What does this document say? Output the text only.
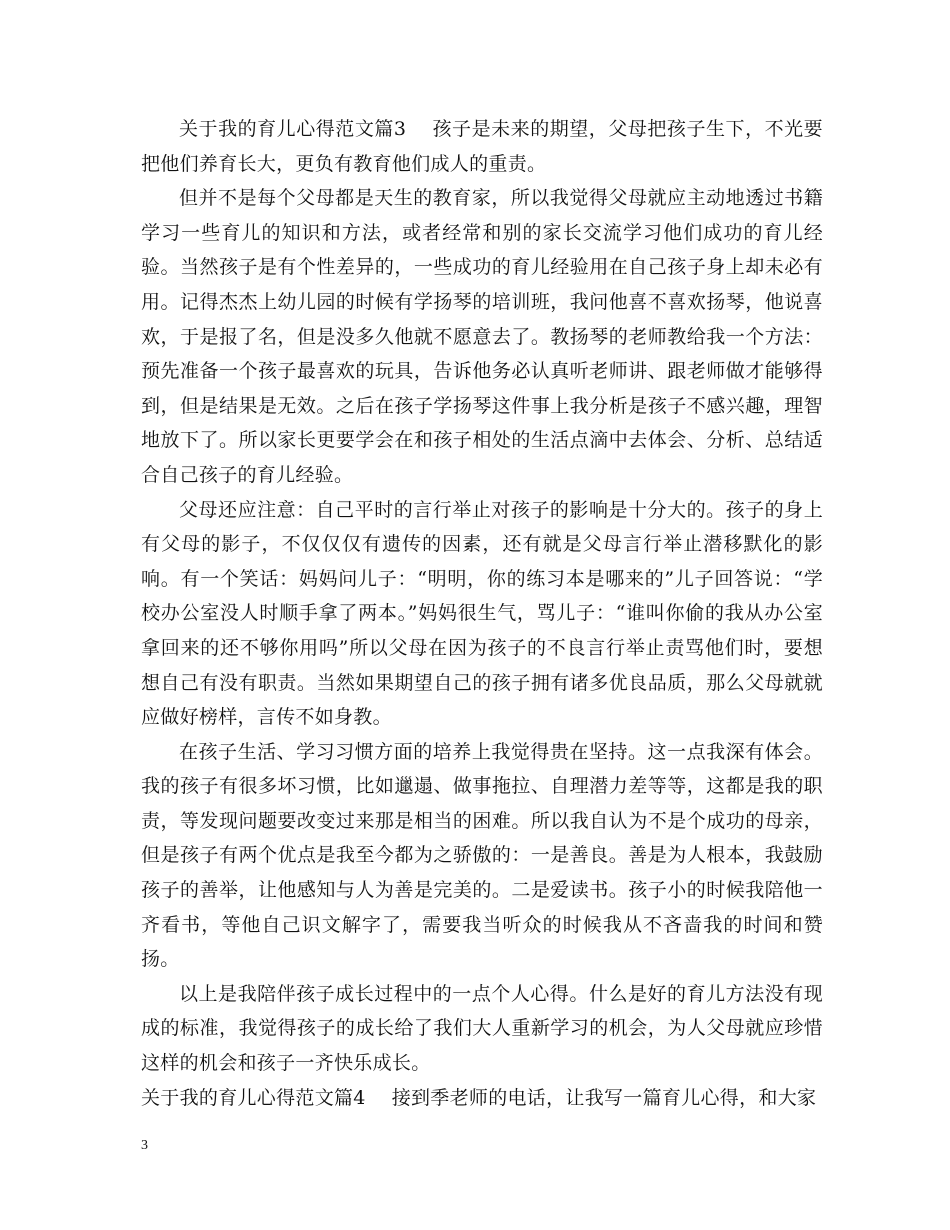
关于我的育儿心得范文篇3 孩子是未来的期望，父母把孩子生下，不光要把他们养育长大，更负有教育他们成人的重责。

但并不是每个父母都是天生的教育家，所以我觉得父母就应主动地透过书籍学习一些育儿的知识和方法，或者经常和别的家长交流学习他们成功的育儿经验。当然孩子是有个性差异的，一些成功的育儿经验用在自己孩子身上却未必有用。记得杰杰上幼儿园的时候有学扬琴的培训班，我问他喜不喜欢扬琴，他说喜欢，于是报了名，但是没多久他就不愿意去了。教扬琴的老师教给我一个方法：预先准备一个孩子最喜欢的玩具，告诉他务必认真听老师讲、跟老师做才能够得到，但是结果是无效。之后在孩子学扬琴这件事上我分析是孩子不感兴趣，理智地放下了。所以家长更要学会在和孩子相处的生活点滴中去体会、分析、总结适合自己孩子的育儿经验。

父母还应注意：自己平时的言行举止对孩子的影响是十分大的。孩子的身上有父母的影子，不仅仅仅有遗传的因素，还有就是父母言行举止潜移默化的影响。有一个笑话：妈妈问儿子：“明明，你的练习本是哪来的”儿子回答说：“学校办公室没人时顺手拿了两本。”妈妈很生气，骂儿子：“谁叫你偷的我从办公室拿回来的还不够你用吗”所以父母在因为孩子的不良言行举止责骂他们时，要想想自己有没有职责。当然如果期望自己的孩子拥有诸多优良品质，那么父母就就应做好榜样，言传不如身教。

在孩子生活、学习习惯方面的培养上我觉得贵在坚持。这一点我深有体会。我的孩子有很多坏习惯，比如邋遢、做事拖拉、自理潜力差等等，这都是我的职责，等发现问题要改变过来那是相当的困难。所以我自认为不是个成功的母亲，但是孩子有两个优点是我至今都为之骄傲的：一是善良。善是为人根本，我鼓励孩子的善举，让他感知与人为善是完美的。二是爱读书。孩子小的时候我陪他一齐看书，等他自己识文解字了，需要我当听众的时候我从不吝啬我的时间和赞扬。

以上是我陪伴孩子成长过程中的一点个人心得。什么是好的育儿方法没有现成的标准，我觉得孩子的成长给了我们大人重新学习的机会，为人父母就应珍惜这样的机会和孩子一齐快乐成长。

关于我的育儿心得范文篇4 接到季老师的电话，让我写一篇育儿心得，和大家

3
